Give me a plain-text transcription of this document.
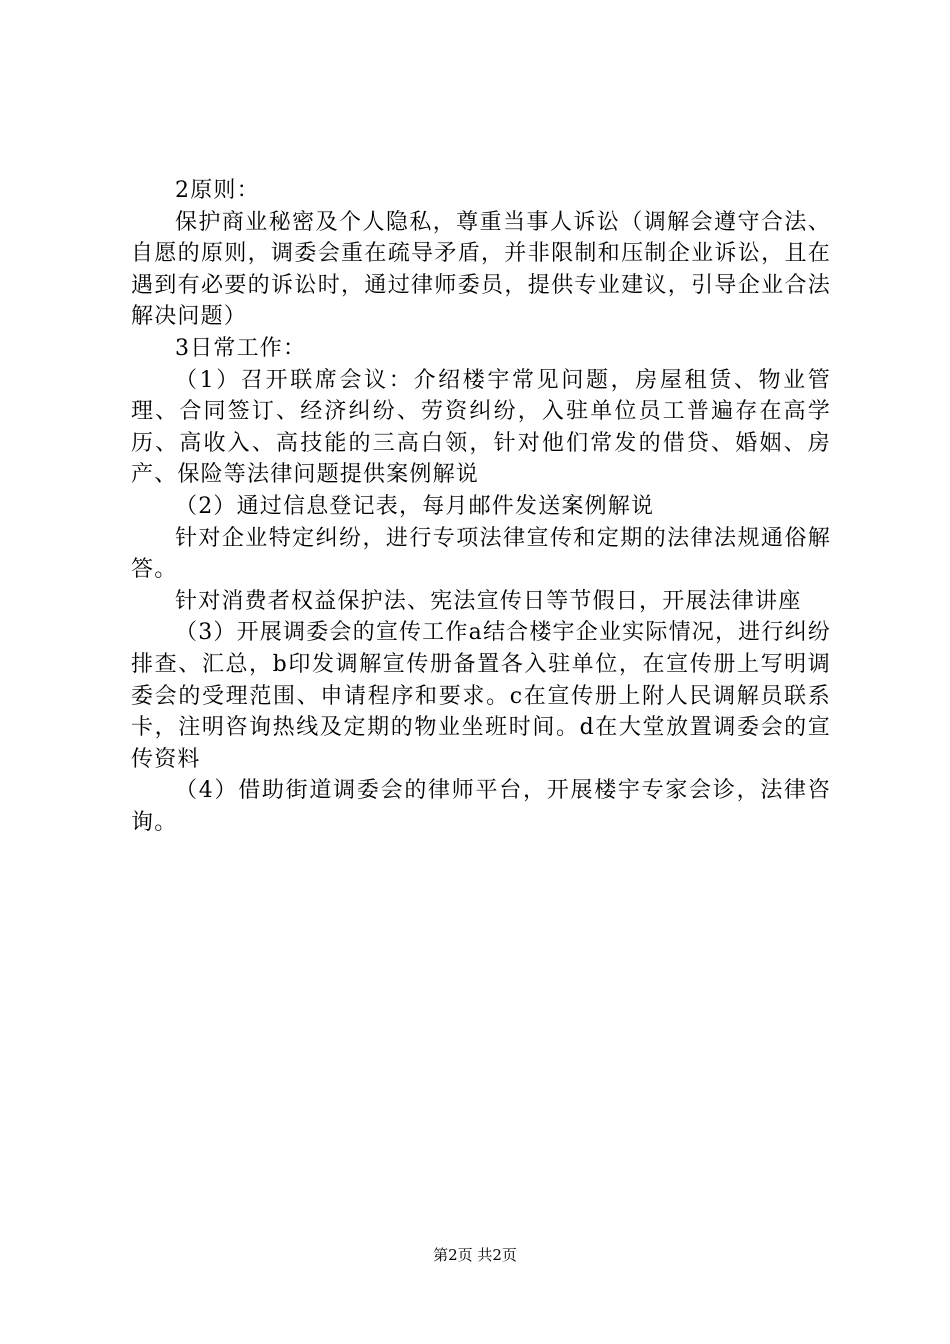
2原则：

保护商业秘密及个人隐私，尊重当事人诉讼（调解会遵守合法、自愿的原则，调委会重在疏导矛盾，并非限制和压制企业诉讼，且在遇到有必要的诉讼时，通过律师委员，提供专业建议，引导企业合法解决问题）

3日常工作：

（1）召开联席会议：介绍楼宇常见问题，房屋租赁、物业管理、合同签订、经济纠纷、劳资纠纷，入驻单位员工普遍存在高学历、高收入、高技能的三高白领，针对他们常发的借贷、婚姻、房产、保险等法律问题提供案例解说

（2）通过信息登记表，每月邮件发送案例解说

针对企业特定纠纷，进行专项法律宣传和定期的法律法规通俗解答。

针对消费者权益保护法、宪法宣传日等节假日，开展法律讲座

（3）开展调委会的宣传工作a结合楼宇企业实际情况，进行纠纷排查、汇总，b印发调解宣传册备置各入驻单位，在宣传册上写明调委会的受理范围、申请程序和要求。c在宣传册上附人民调解员联系卡，注明咨询热线及定期的物业坐班时间。d在大堂放置调委会的宣传资料

（4）借助街道调委会的律师平台，开展楼宇专家会诊，法律咨询。

第2页 共2页
